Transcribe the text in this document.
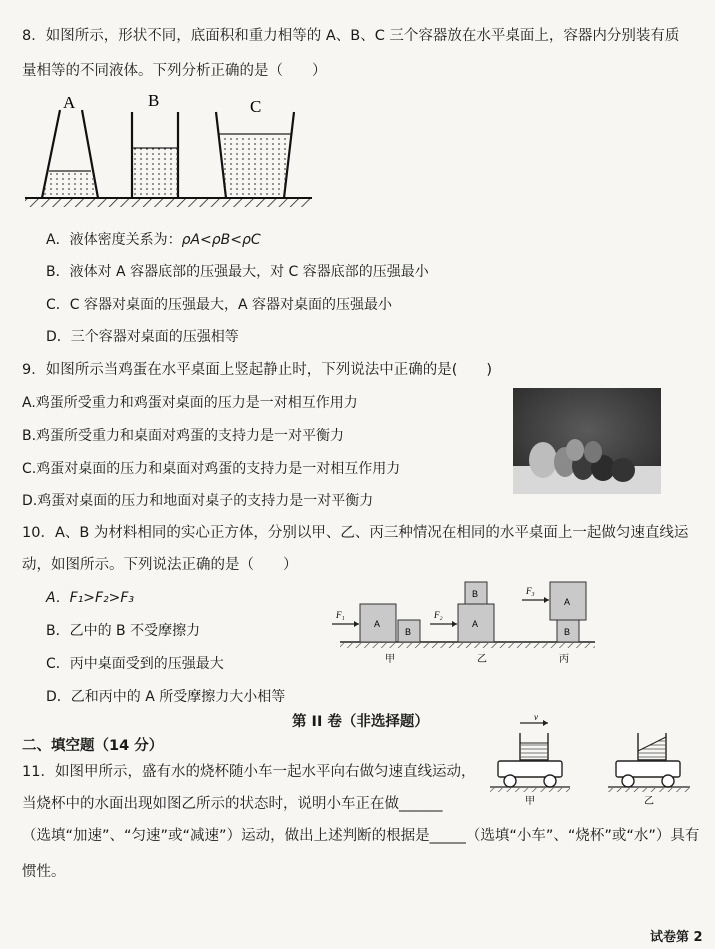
8．如图所示，形状不同，底面积和重力相等的 A、B、C 三个容器放在水平桌面上，容器内分别装有质
量相等的不同液体。下列分析正确的是（　　）
A	B	C
A．液体密度关系为：ρA<ρB<ρC
B．液体对 A 容器底部的压强最大，对 C 容器底部的压强最小
C．C 容器对桌面的压强最大，A 容器对桌面的压强最小
D．三个容器对桌面的压强相等
9．如图所示当鸡蛋在水平桌面上竖起静止时，下列说法中正确的是(　　)
A.鸡蛋所受重力和鸡蛋对桌面的压力是一对相互作用力
B.鸡蛋所受重力和桌面对鸡蛋的支持力是一对平衡力
C.鸡蛋对桌面的压力和桌面对鸡蛋的支持力是一对相互作用力
D.鸡蛋对桌面的压力和地面对桌子的支持力是一对平衡力
10．A、B 为材料相同的实心正方体，分别以甲、乙、丙三种情况在相同的水平桌面上一起做匀速直线运
动，如图所示。下列说法正确的是（　　）
A．F₁>F₂>F₃
B．乙中的 B 不受摩擦力
C．丙中桌面受到的压强最大
D．乙和丙中的 A 所受摩擦力大小相等
F₁
A
B
甲
F₂
A
B
乙
F₃
A
B
丙
第 II 卷（非选择题）
二、填空题（14 分）
11．如图甲所示，盛有水的烧杯随小车一起水平向右做匀速直线运动，
当烧杯中的水面出现如图乙所示的状态时，说明小车正在做______
（选填“加速”、“匀速”或“减速”）运动，做出上述判断的根据是_____（选填“小车”、“烧杯”或“水”）具有
惯性。
v
甲	乙
试卷第 2
